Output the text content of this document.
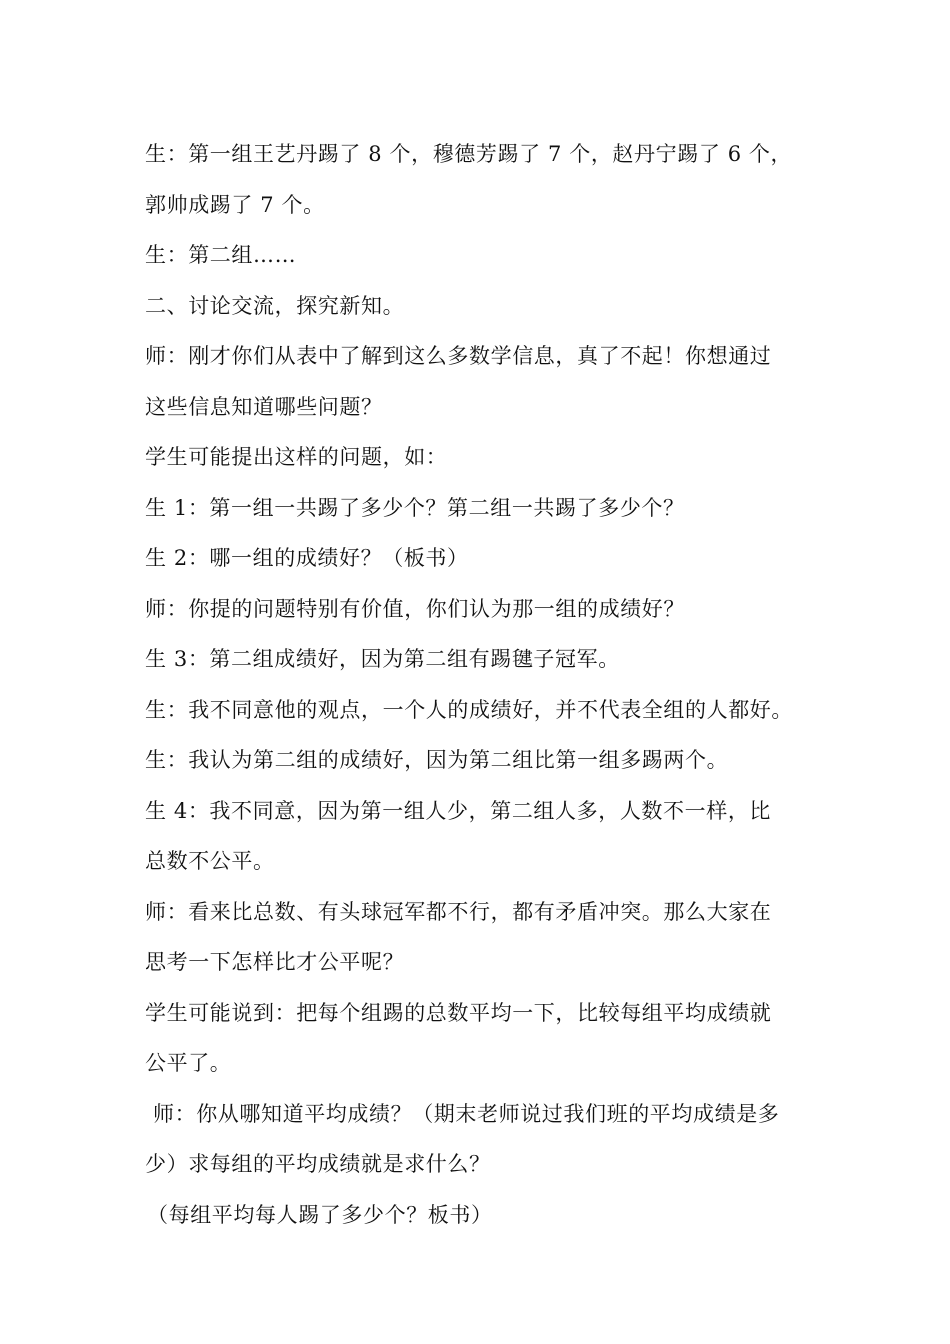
生：第一组王艺丹踢了 8 个，穆德芳踢了 7 个，赵丹宁踢了 6 个，
郭帅成踢了 7 个。
生：第二组……
二、讨论交流，探究新知。
师：刚才你们从表中了解到这么多数学信息，真了不起！你想通过
这些信息知道哪些问题？
学生可能提出这样的问题，如：
生 1：第一组一共踢了多少个？第二组一共踢了多少个？
生 2：哪一组的成绩好？（板书）
师：你提的问题特别有价值，你们认为那一组的成绩好？
生 3：第二组成绩好，因为第二组有踢毽子冠军。
生：我不同意他的观点，一个人的成绩好，并不代表全组的人都好。
生：我认为第二组的成绩好，因为第二组比第一组多踢两个。
生 4：我不同意，因为第一组人少，第二组人多，人数不一样，比
总数不公平。
师：看来比总数、有头球冠军都不行，都有矛盾冲突。那么大家在
思考一下怎样比才公平呢？
学生可能说到：把每个组踢的总数平均一下，比较每组平均成绩就
公平了。
师：你从哪知道平均成绩？（期末老师说过我们班的平均成绩是多
少）求每组的平均成绩就是求什么？
（每组平均每人踢了多少个？板书）
